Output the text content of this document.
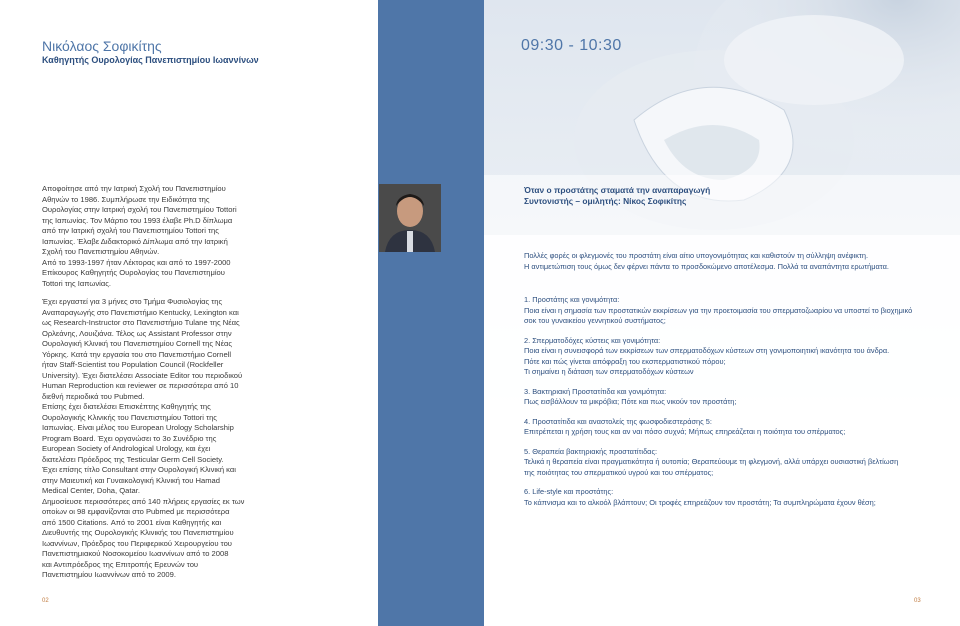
Νικόλαος Σοφικίτης
Καθηγητής Ουρολογίας Πανεπιστημίου Ιωαννίνων

Αποφοίτησε από την Ιατρική Σχολή του Πανεπιστημίου
Αθηνών το 1986. Συμπλήρωσε την Ειδικότητα της
Ουρολογίας στην Ιατρική σχολή του Πανεπιστημίου Tottori
της Ιαπωνίας. Τον Μάρτιο του 1993 έλαβε Ph.D δίπλωμα
από την Ιατρική σχολή του Πανεπιστημίου Tottori της
Ιαπωνίας. Έλαβε Διδακτορικό Δίπλωμα από την Ιατρική
Σχολή του Πανεπιστημίου Αθηνών.
Από το 1993-1997 ήταν Λέκτορας και από το 1997-2000
Επίκουρος Καθηγητής Ουρολογίας του Πανεπιστημίου
Tottori της Ιαπωνίας.

Έχει εργαστεί για 3 μήνες στο Τμήμα Φυσιολογίας της
Αναπαραγωγής στο Πανεπιστήμιο Kentucky, Lexington και
ως Research-Instructor στο Πανεπιστήμιο Tulane της Νέας
Ορλεάνης, Λουιζιάνα. Τέλος ως Assistant Professor στην
Ουρολογική Κλινική του Πανεπιστημίου Cornell της Νέας
Υόρκης. Κατά την εργασία του στο Πανεπιστήμιο Cornell
ήταν Staff-Scientist του Population Council (Rockfeller
University). Έχει διατελέσει Associate Editor του περιοδικού
Human Reproduction και reviewer σε περισσότερα από 10
διεθνή περιοδικά του Pubmed.
Επίσης έχει διατελέσει Επισκέπτης Καθηγητής της
Ουρολογικής Κλινικής του Πανεπιστημίου Tottori της
Ιαπωνίας. Είναι μέλος του European Urology Scholarship
Program Board. Έχει οργανώσει το 3ο Συνέδριο της
European Society of Andrological Urology, και έχει
διατελέσει Πρόεδρος της Testicular Germ Cell Society.
Έχει επίσης τίτλο Consultant στην Ουρολογική Κλινική και
στην Μαιευτική και Γυναικολογική Κλινική του Hamad
Medical Center, Doha, Qatar.
Δημοσίευσε περισσότερες από 140 πλήρεις εργασίες εκ των
οποίων οι 98 εμφανίζονται στο Pubmed με περισσότερα
από 1500 Citations. Από το 2001 είναι Καθηγητής και
Διευθυντής της Ουρολογικής Κλινικής του Πανεπιστημίου
Ιωαννίνων, Πρόεδρος του Περιφερικού Χειρουργείου του
Πανεπιστημιακού Νοσοκομείου Ιωαννίνων από το 2008
και Αντιπρόεδρος της Επιτροπής Ερευνών του
Πανεπιστημίου Ιωαννίνων από το 2009.

02	03
09:30 - 10:30
Όταν ο προστάτης σταματά την αναπαραγωγή
Συντονιστής – ομιλητής: Νίκος Σοφικίτης
Πολλές φορές οι φλεγμονές του προστάτη είναι αίτιο υπογονιμότητας και καθιστούν τη σύλληψη ανέφικτη.
Η αντιμετώπιση τους όμως δεν φέρνει πάντα το προσδοκώμενο αποτέλεσμα. Πολλά τα αναπάντητα ερωτήματα.
1. Προστάτης και γονιμότητα:
Ποια είναι η σημασία των προστατικών εκκρίσεων για την προετοιμασία του σπερματοζωαρίου να υποστεί το βιοχημικό
σοκ του γυναικείου γεννητικού συστήματος;
2. Σπερματοδόχες κύστεις και γονιμότητα:
Ποια είναι η συνεισφορά των εκκρίσεων των σπερματοδόχων κύστεων στη γονιμοποιητική ικανότητα του άνδρα.
Πότε και πώς γίνεται απόφραξη του εκσπερματιστικού πόρου;
Τι σημαίνει η διάταση των σπερματοδόχων κύστεων
3. Βακτηριακή Προστατίτιδα και γονιμότητα:
Πως εισβάλλουν τα μικρόβια; Πότε και πως νικούν τον προστάτη;
4. Προστατίτιδα και αναστολείς της φωσφοδιεστεράσης 5:
Επιτρέπεται η χρήση τους και αν ναι πόσο συχνά; Μήπως επηρεάζεται η ποιότητα του σπέρματος;
5. Θεραπεία βακτηριακής προστατίτιδας:
Τελικά η θεραπεία είναι πραγματικότητα ή ουτοπία; Θεραπεύουμε τη φλεγμονή, αλλά υπάρχει ουσιαστική βελτίωση
της ποιότητας του σπερματικού υγρού και του σπέρματος;
6. Life-style και προστάτης:
Το κάπνισμα και το αλκοόλ βλάπτουν; Οι τροφές επηρεάζουν τον προστάτη; Τα συμπληρώματα έχουν θέση;
